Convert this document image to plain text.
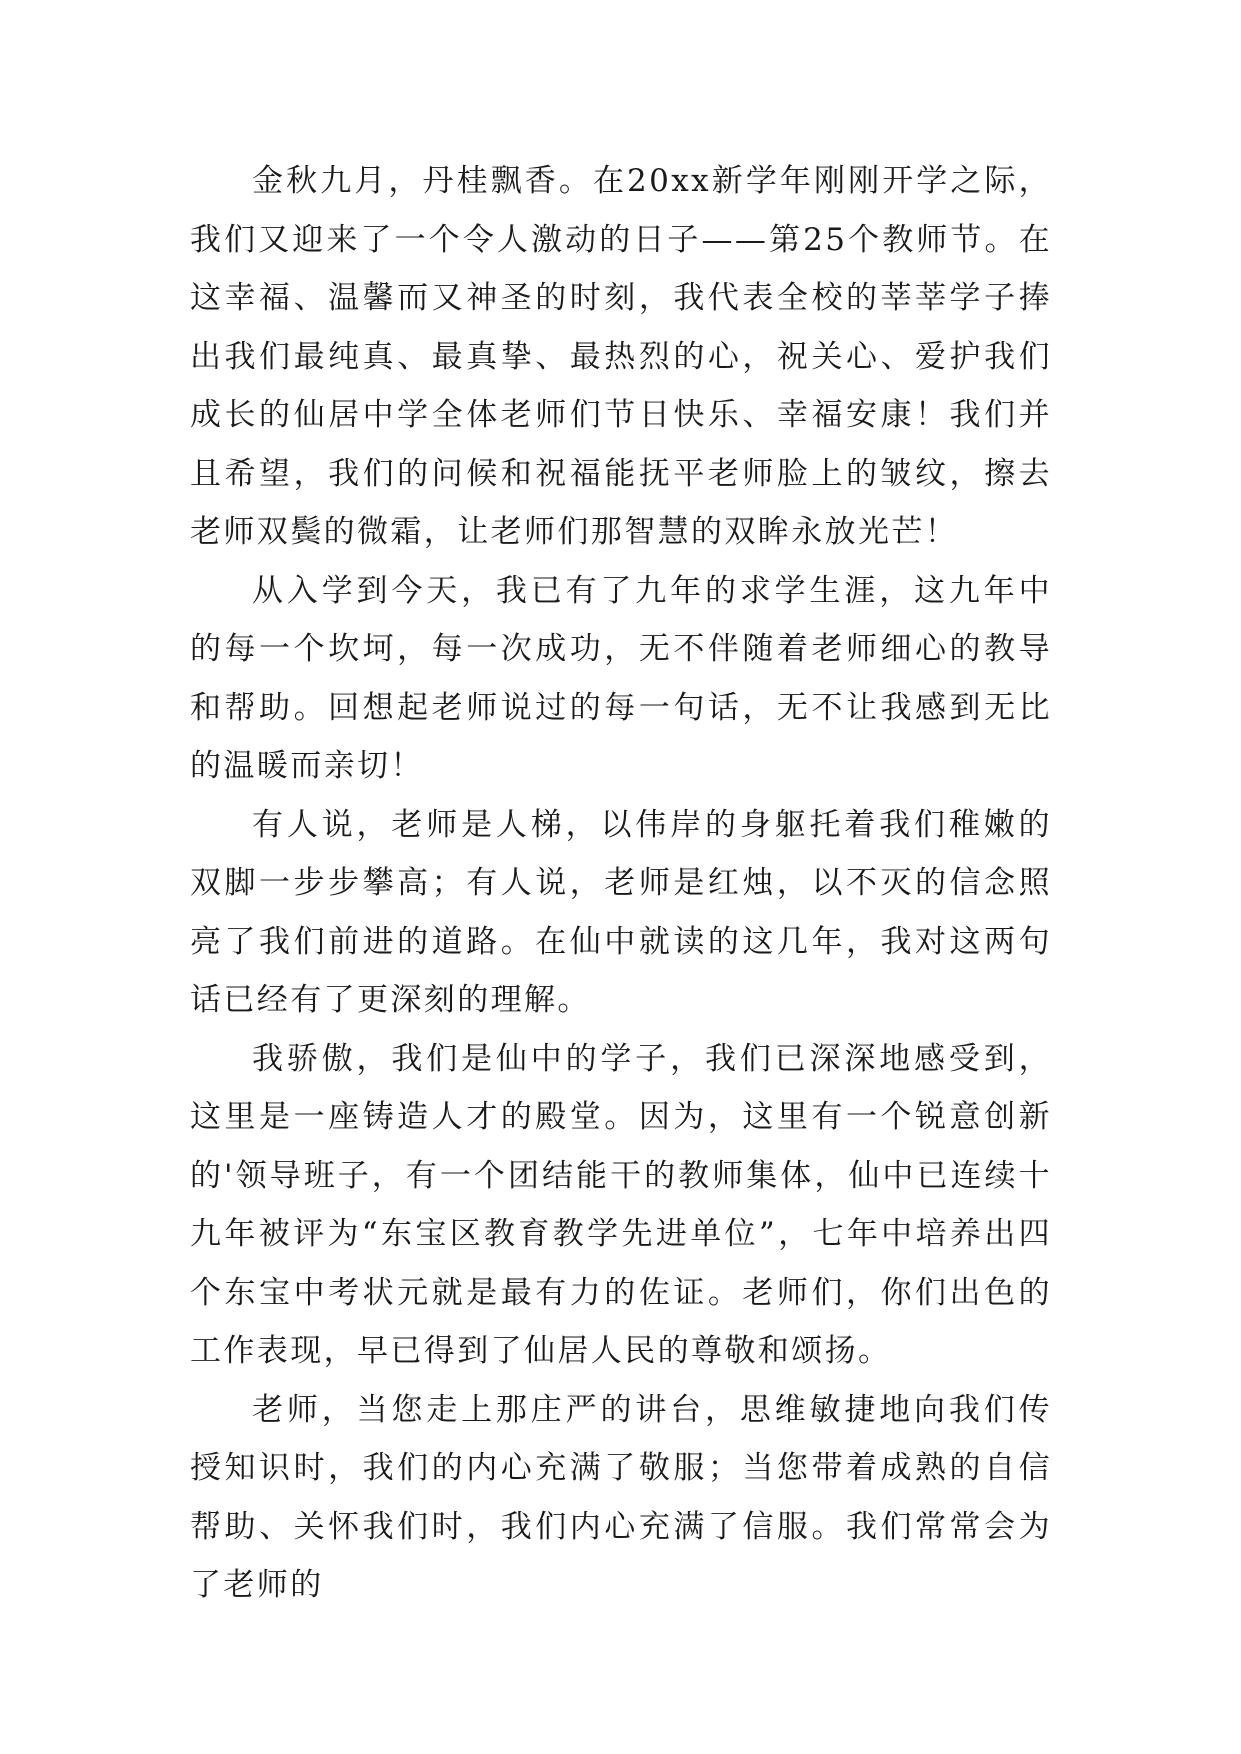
金秋九月，丹桂飘香。在20xx新学年刚刚开学之际，我们又迎来了一个令人激动的日子——第25个教师节。在这幸福、温馨而又神圣的时刻，我代表全校的莘莘学子捧出我们最纯真、最真挚、最热烈的心，祝关心、爱护我们成长的仙居中学全体老师们节日快乐、幸福安康！我们并且希望，我们的问候和祝福能抚平老师脸上的皱纹，擦去老师双鬓的微霜，让老师们那智慧的双眸永放光芒！

从入学到今天，我已有了九年的求学生涯，这九年中的每一个坎坷，每一次成功，无不伴随着老师细心的教导和帮助。回想起老师说过的每一句话，无不让我感到无比的温暖而亲切！

有人说，老师是人梯，以伟岸的身躯托着我们稚嫩的双脚一步步攀高；有人说，老师是红烛，以不灭的信念照亮了我们前进的道路。在仙中就读的这几年，我对这两句话已经有了更深刻的理解。

我骄傲，我们是仙中的学子，我们已深深地感受到，这里是一座铸造人才的殿堂。因为，这里有一个锐意创新的'领导班子，有一个团结能干的教师集体，仙中已连续十九年被评为“东宝区教育教学先进单位”，七年中培养出四个东宝中考状元就是最有力的佐证。老师们，你们出色的工作表现，早已得到了仙居人民的尊敬和颂扬。

老师，当您走上那庄严的讲台，思维敏捷地向我们传授知识时，我们的内心充满了敬服；当您带着成熟的自信帮助、关怀我们时，我们内心充满了信服。我们常常会为了老师的
